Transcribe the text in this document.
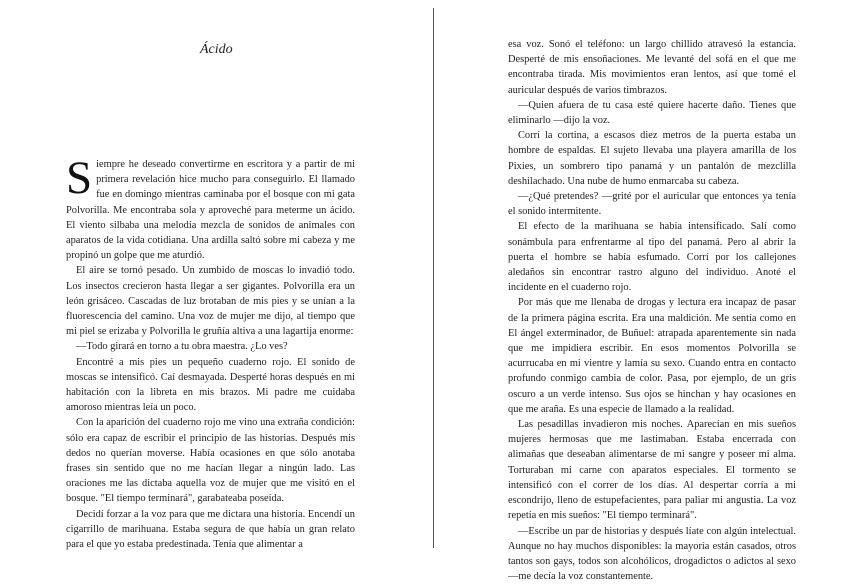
Ácido

Siempre he deseado convertirme en escritora y a partir de mi primera revelación hice mucho para conseguirlo. El llamado fue en domingo mientras caminaba por el bosque con mi gata Polvorilla. Me encontraba sola y aproveché para meterme un ácido. El viento silbaba una melodía mezcla de sonidos de animales con aparatos de la vida cotidiana. Una ardilla saltó sobre mi cabeza y me propinó un golpe que me aturdió.

El aire se tornó pesado. Un zumbido de moscas lo invadió todo. Los insectos crecieron hasta llegar a ser gigantes. Polvorilla era un león grisáceo. Cascadas de luz brotaban de mis pies y se unían a la fluorescencia del camino. Una voz de mujer me dijo, al tiempo que mi piel se erizaba y Polvorilla le gruñía altiva a una lagartija enorme:

—Todo girará en torno a tu obra maestra. ¿Lo ves?

Encontré a mis pies un pequeño cuaderno rojo. El sonido de moscas se intensificó. Caí desmayada. Desperté horas después en mi habitación con la libreta en mis brazos. Mi padre me cuidaba amoroso mientras leía un poco.

Con la aparición del cuaderno rojo me vino una extraña condición: sólo era capaz de escribir el principio de las historias. Después mis dedos no querían moverse. Había ocasiones en que sólo anotaba frases sin sentido que no me hacían llegar a ningún lado. Las oraciones me las dictaba aquella voz de mujer que me visitó en el bosque. "El tiempo terminará", garabateaba poseída.

Decidí forzar a la voz para que me dictara una historia. Encendí un cigarrillo de marihuana. Estaba segura de que había un gran relato para el que yo estaba predestinada. Tenía que alimentar a

esa voz. Sonó el teléfono: un largo chillido atravesó la estancia. Desperté de mis ensoñaciones. Me levanté del sofá en el que me encontraba tirada. Mis movimientos eran lentos, así que tomé el auricular después de varios timbrazos.

—Quien afuera de tu casa esté quiere hacerte daño. Tienes que eliminarlo —dijo la voz.

Corrí la cortina, a escasos diez metros de la puerta estaba un hombre de espaldas. El sujeto llevaba una playera amarilla de los Pixies, un sombrero tipo panamá y un pantalón de mezclilla deshilachado. Una nube de humo enmarcaba su cabeza.

—¿Qué pretendes? —grité por el auricular que entonces ya tenía el sonido intermitente.

El efecto de la marihuana se había intensificado. Salí como sonámbula para enfrentarme al tipo del panamá. Pero al abrir la puerta el hombre se había esfumado. Corrí por los callejones aledaños sin encontrar rastro alguno del individuo. Anoté el incidente en el cuaderno rojo.

Por más que me llenaba de drogas y lectura era incapaz de pasar de la primera página escrita. Era una maldición. Me sentía como en El ángel exterminador, de Buñuel: atrapada aparentemente sin nada que me impidiera escribir. En esos momentos Polvorilla se acurrucaba en mi vientre y lamía su sexo. Cuando entra en contacto profundo conmigo cambia de color. Pasa, por ejemplo, de un gris oscuro a un verde intenso. Sus ojos se hinchan y hay ocasiones en que me araña. Es una especie de llamado a la realidad.

Las pesadillas invadieron mis noches. Aparecían en mis sueños mujeres hermosas que me lastimaban. Estaba encerrada con alimañas que deseaban alimentarse de mi sangre y poseer mi alma. Torturaban mi carne con aparatos especiales. El tormento se intensificó con el correr de los días. Al despertar corría a mi escondrijo, lleno de estupefacientes, para paliar mi angustia. La voz repetía en mis sueños: "El tiempo terminará".

—Escribe un par de historias y después líate con algún intelectual. Aunque no hay muchos disponibles: la mayoría están casados, otros tantos son gays, todos son alcohólicos, drogadictos o adictos al sexo —me decía la voz constantemente.
